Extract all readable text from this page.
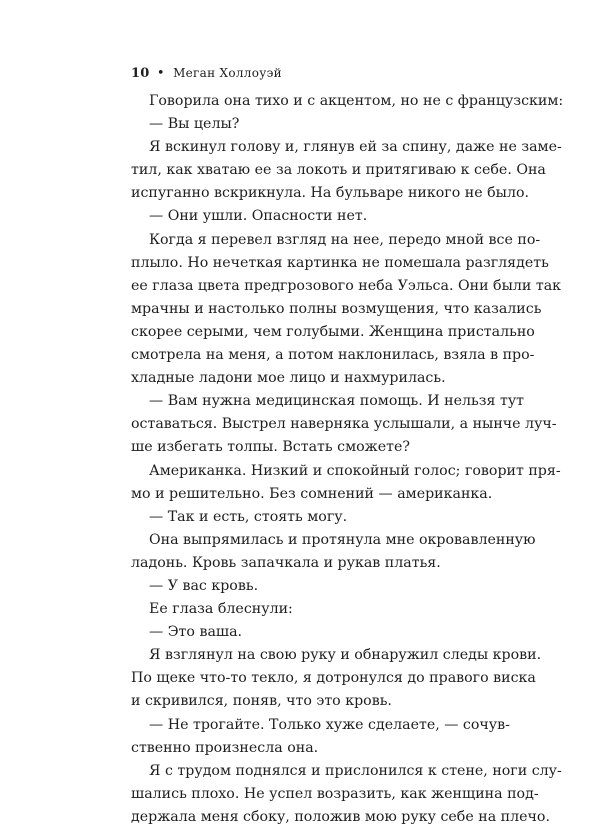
10 • Меган Холлоуэй
Говорила она тихо и с акцентом, но не с французским:
— Вы целы?
Я вскинул голову и, глянув ей за спину, даже не заме-
тил, как хватаю ее за локоть и притягиваю к себе. Она
испуганно вскрикнула. На бульваре никого не было.
— Они ушли. Опасности нет.
Когда я перевел взгляд на нее, передо мной все по-
плыло. Но нечеткая картинка не помешала разглядеть
ее глаза цвета предгрозового неба Уэльса. Они были так
мрачны и настолько полны возмущения, что казались
скорее серыми, чем голубыми. Женщина пристально
смотрела на меня, а потом наклонилась, взяла в про-
хладные ладони мое лицо и нахмурилась.
— Вам нужна медицинская помощь. И нельзя тут
оставаться. Выстрел наверняка услышали, а нынче луч-
ше избегать толпы. Встать сможете?
Американка. Низкий и спокойный голос; говорит пря-
мо и решительно. Без сомнений — американка.
— Так и есть, стоять могу.
Она выпрямилась и протянула мне окровавленную
ладонь. Кровь запачкала и рукав платья.
— У вас кровь.
Ее глаза блеснули:
— Это ваша.
Я взглянул на свою руку и обнаружил следы крови.
По щеке что-то текло, я дотронулся до правого виска
и скривился, поняв, что это кровь.
— Не трогайте. Только хуже сделаете, — сочув-
ственно произнесла она.
Я с трудом поднялся и прислонился к стене, ноги слу-
шались плохо. Не успел возразить, как женщина под-
держала меня сбоку, положив мою руку себе на плечо.
